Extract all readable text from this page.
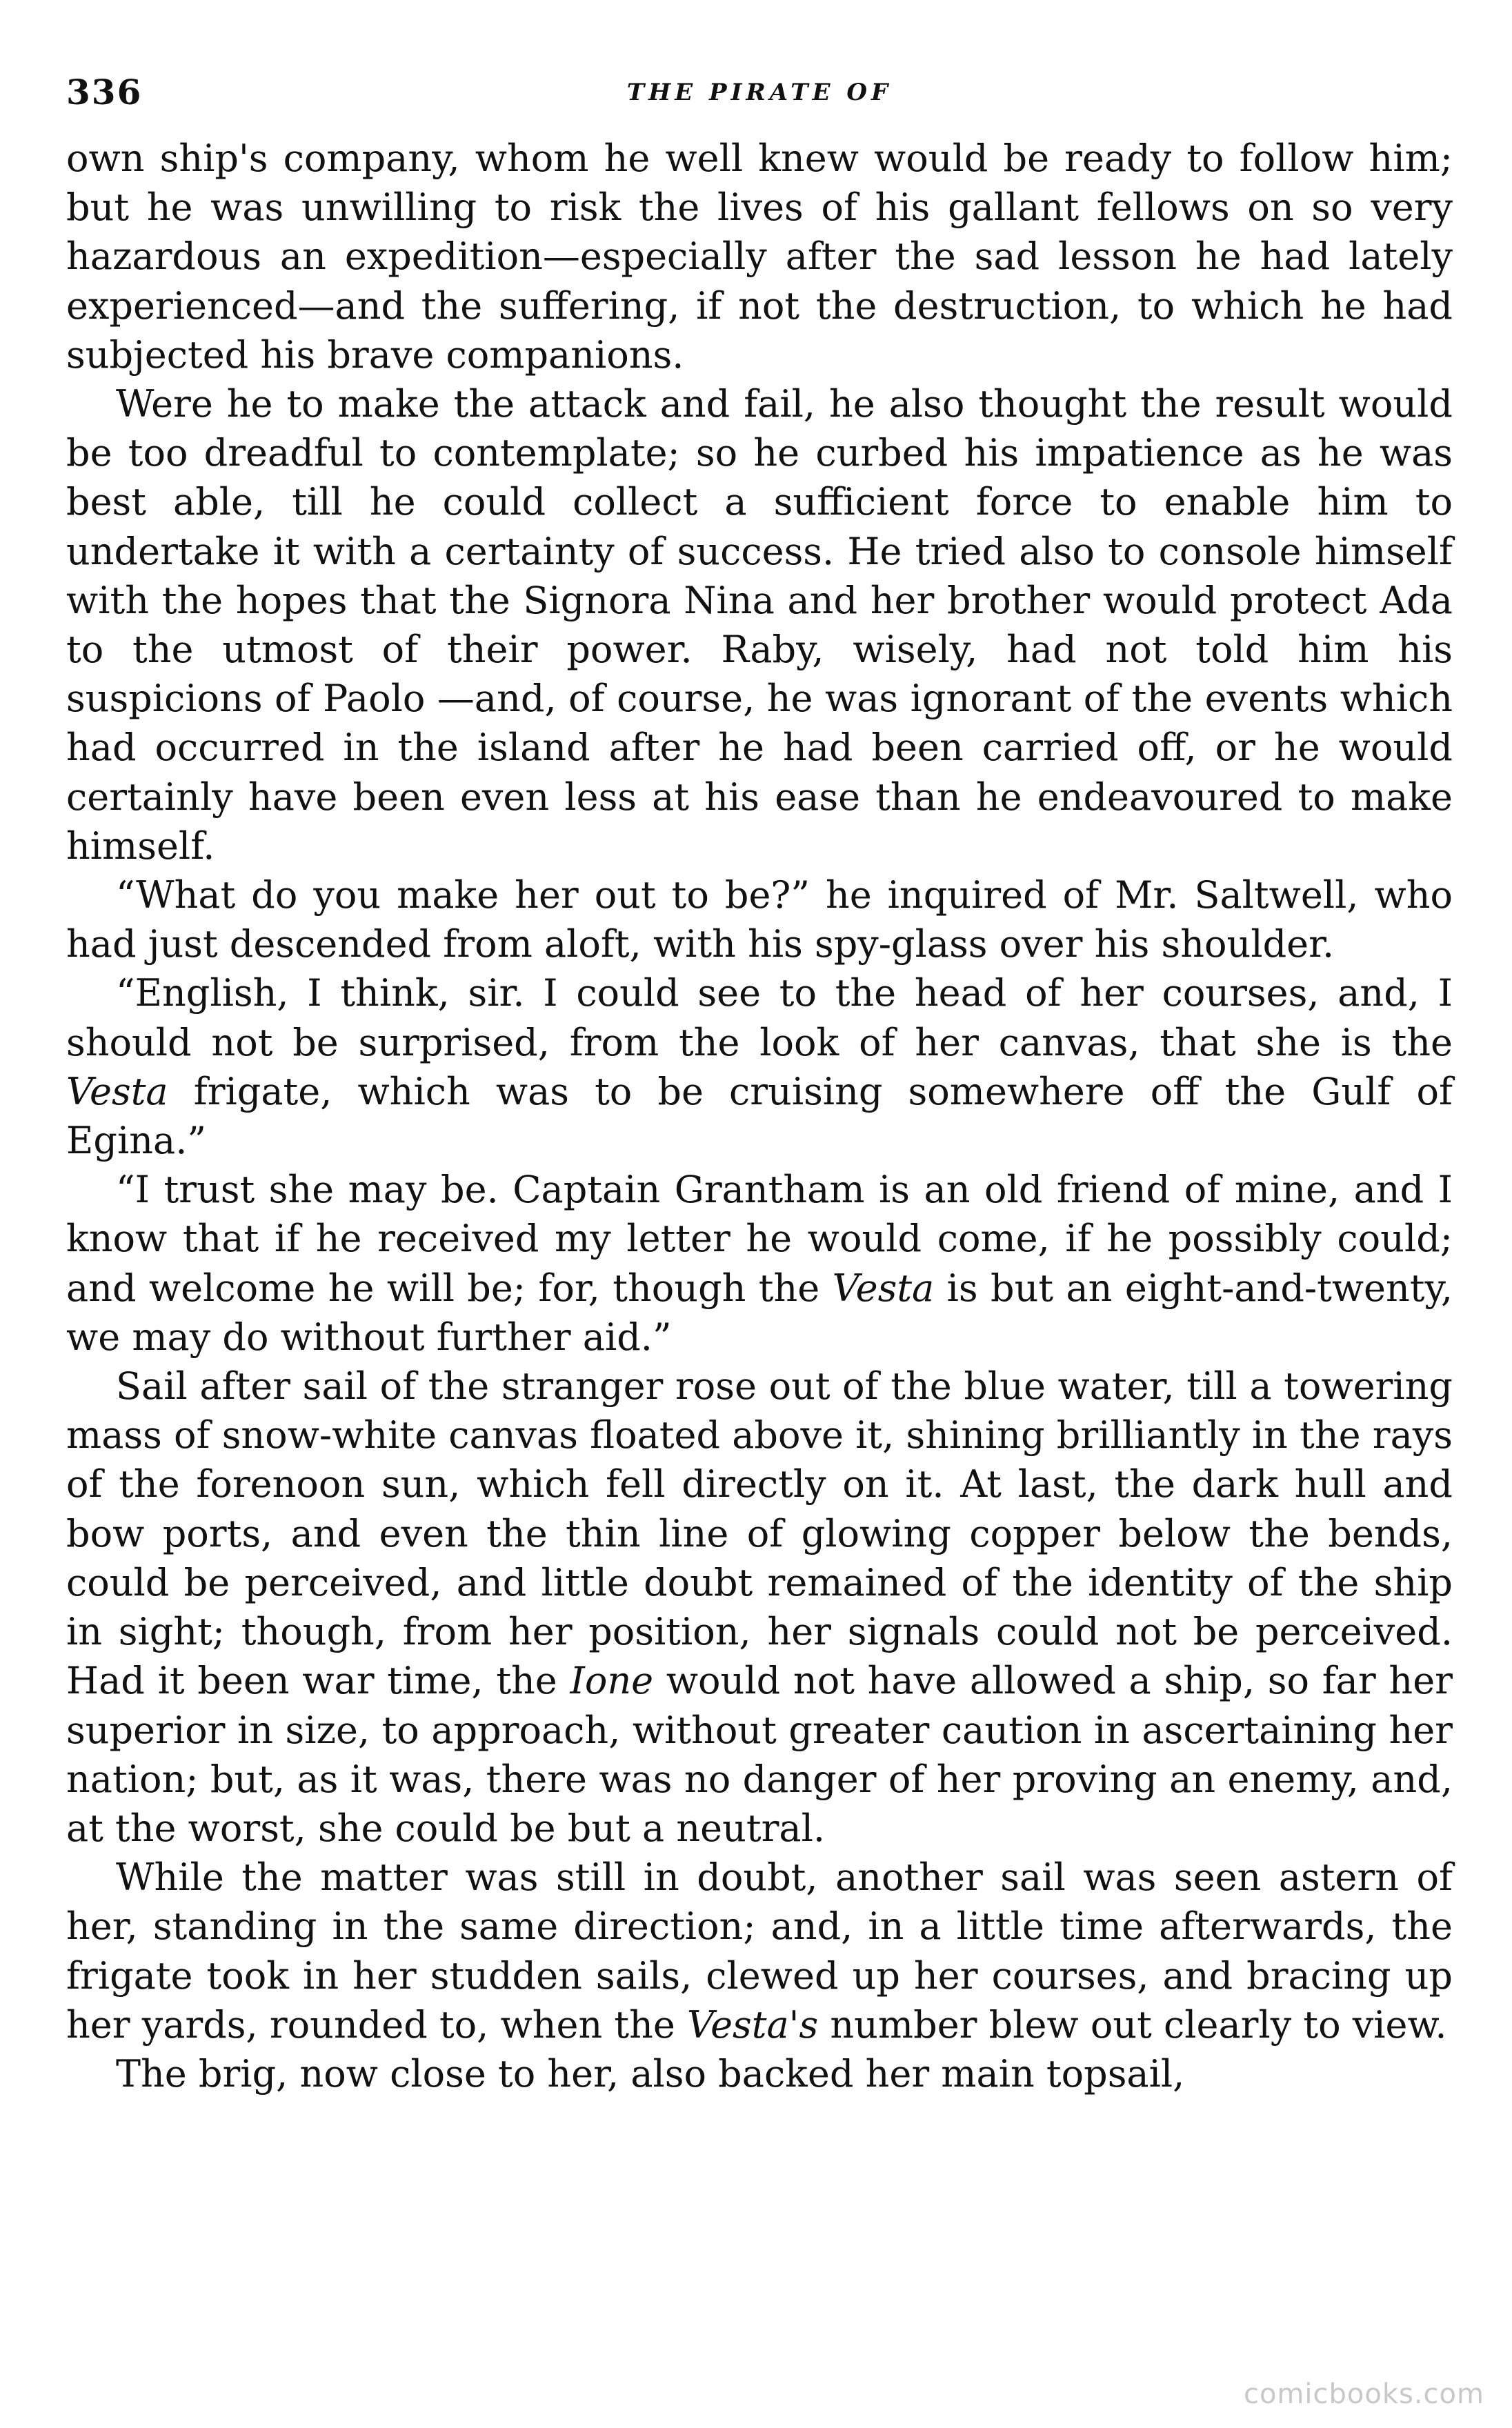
336	THE PIRATE OF

own ship's company, whom he well knew would be ready to follow him; but he was unwilling to risk the lives of his gallant fellows on so very hazardous an expedition—especially after the sad lesson he had lately experienced—and the suffering, if not the destruction, to which he had subjected his brave companions.

Were he to make the attack and fail, he also thought the result would be too dreadful to contemplate; so he curbed his impatience as he was best able, till he could collect a sufficient force to enable him to undertake it with a certainty of success. He tried also to console himself with the hopes that the Signora Nina and her brother would protect Ada to the utmost of their power. Raby, wisely, had not told him his suspicions of Paolo —and, of course, he was ignorant of the events which had occurred in the island after he had been carried off, or he would certainly have been even less at his ease than he endeavoured to make himself.

“What do you make her out to be?” he inquired of Mr. Saltwell, who had just descended from aloft, with his spy-glass over his shoulder.

“English, I think, sir. I could see to the head of her courses, and, I should not be surprised, from the look of her canvas, that she is the Vesta frigate, which was to be cruising somewhere off the Gulf of Egina.”

“I trust she may be. Captain Grantham is an old friend of mine, and I know that if he received my letter he would come, if he possibly could; and welcome he will be; for, though the Vesta is but an eight-and-twenty, we may do without further aid.”

Sail after sail of the stranger rose out of the blue water, till a towering mass of snow-white canvas floated above it, shining brilliantly in the rays of the forenoon sun, which fell directly on it. At last, the dark hull and bow ports, and even the thin line of glowing copper below the bends, could be perceived, and little doubt remained of the identity of the ship in sight; though, from her position, her signals could not be perceived. Had it been war time, the Ione would not have allowed a ship, so far her superior in size, to approach, without greater caution in ascertaining her nation; but, as it was, there was no danger of her proving an enemy, and, at the worst, she could be but a neutral.

While the matter was still in doubt, another sail was seen astern of her, standing in the same direction; and, in a little time afterwards, the frigate took in her studden sails, clewed up her courses, and bracing up her yards, rounded to, when the Vesta's number blew out clearly to view.

The brig, now close to her, also backed her main topsail,

comicbooks.com
